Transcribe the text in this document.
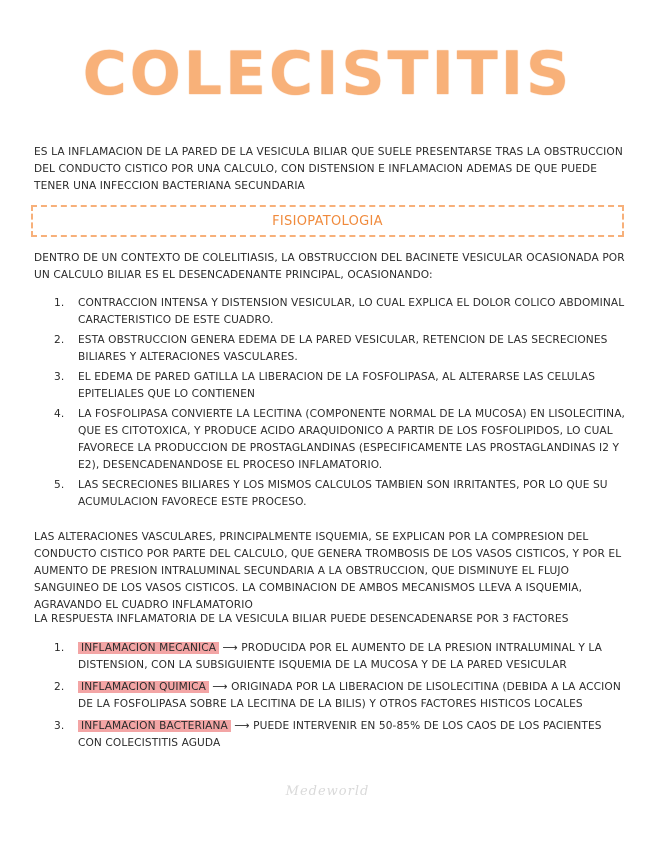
COLECISTITIS
ES LA INFLAMACION DE LA PARED DE LA VESICULA BILIAR QUE SUELE PRESENTARSE TRAS LA OBSTRUCCION DEL CONDUCTO CISTICO POR UNA CALCULO, CON DISTENSION E INFLAMACION ADEMAS DE QUE PUEDE TENER UNA INFECCION BACTERIANA SECUNDARIA
FISIOPATOLOGIA
DENTRO DE UN CONTEXTO DE COLELITIASIS, LA OBSTRUCCION DEL BACINETE VESICULAR OCASIONADA POR UN CALCULO BILIAR ES EL DESENCADENANTE PRINCIPAL, OCASIONANDO:
1. CONTRACCION INTENSA Y DISTENSION VESICULAR, LO CUAL EXPLICA EL DOLOR COLICO ABDOMINAL CARACTERISTICO DE ESTE CUADRO.
2. ESTA OBSTRUCCION GENERA EDEMA DE LA PARED VESICULAR, RETENCION DE LAS SECRECIONES BILIARES Y ALTERACIONES VASCULARES.
3. EL EDEMA DE PARED GATILLA LA LIBERACION DE LA FOSFOLIPASA, AL ALTERARSE LAS CELULAS EPITELIALES QUE LO CONTIENEN
4. LA FOSFOLIPASA CONVIERTE LA LECITINA (COMPONENTE NORMAL DE LA MUCOSA) EN LISOLECITINA, QUE ES CITOTOXICA, Y PRODUCE ACIDO ARAQUIDONICO A PARTIR DE LOS FOSFOLIPIDOS, LO CUAL FAVORECE LA PRODUCCION DE PROSTAGLANDINAS (ESPECIFICAMENTE LAS PROSTAGLANDINAS I2 Y E2), DESENCADENANDOSE EL PROCESO INFLAMATORIO.
5. LAS SECRECIONES BILIARES Y LOS MISMOS CALCULOS TAMBIEN SON IRRITANTES, POR LO QUE SU ACUMULACION FAVORECE ESTE PROCESO.
LAS ALTERACIONES VASCULARES, PRINCIPALMENTE ISQUEMIA, SE EXPLICAN POR LA COMPRESION DEL CONDUCTO CISTICO POR PARTE DEL CALCULO, QUE GENERA TROMBOSIS DE LOS VASOS CISTICOS, Y POR EL AUMENTO DE PRESION INTRALUMINAL SECUNDARIA A LA OBSTRUCCION, QUE DISMINUYE EL FLUJO SANGUINEO DE LOS VASOS CISTICOS. LA COMBINACION DE AMBOS MECANISMOS LLEVA A ISQUEMIA, AGRAVANDO EL CUADRO INFLAMATORIO
LA RESPUESTA INFLAMATORIA DE LA VESICULA BILIAR PUEDE DESENCADENARSE POR 3 FACTORES
1. INFLAMACION MECANICA ⟶ PRODUCIDA POR EL AUMENTO DE LA PRESION INTRALUMINAL Y LA DISTENSION, CON LA SUBSIGUIENTE ISQUEMIA DE LA MUCOSA Y DE LA PARED VESICULAR
2. INFLAMACION QUIMICA ⟶ ORIGINADA POR LA LIBERACION DE LISOLECITINA (DEBIDA A LA ACCION DE LA FOSFOLIPASA SOBRE LA LECITINA DE LA BILIS) Y OTROS FACTORES HISTICOS LOCALES
3. INFLAMACION BACTERIANA ⟶ PUEDE INTERVENIR EN 50-85% DE LOS CAOS DE LOS PACIENTES CON COLECISTITIS AGUDA
Medeworld
